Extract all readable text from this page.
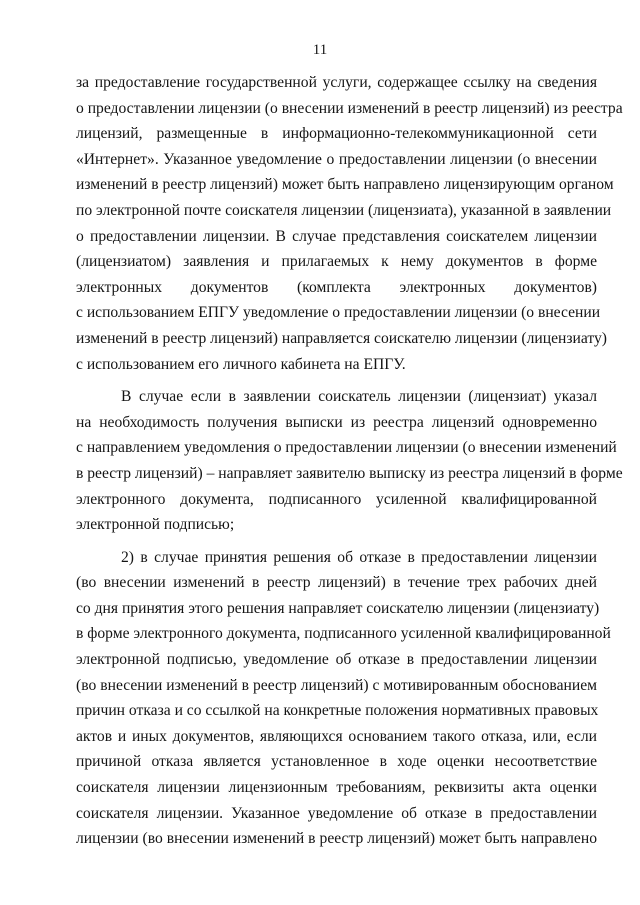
11
за предоставление государственной услуги, содержащее ссылку на сведения
о предоставлении лицензии (о внесении изменений в реестр лицензий) из реестра
лицензий, размещенные в информационно-телекоммуникационной сети
«Интернет». Указанное уведомление о предоставлении лицензии (о внесении
изменений в реестр лицензий) может быть направлено лицензирующим органом
по электронной почте соискателя лицензии (лицензиата), указанной в заявлении
о предоставлении лицензии. В случае представления соискателем лицензии
(лицензиатом) заявления и прилагаемых к нему документов в форме
электронных документов (комплекта электронных документов)
с использованием ЕПГУ уведомление о предоставлении лицензии (о внесении
изменений в реестр лицензий) направляется соискателю лицензии (лицензиату)
с использованием его личного кабинета на ЕПГУ.
В случае если в заявлении соискатель лицензии (лицензиат) указал
на необходимость получения выписки из реестра лицензий одновременно
с направлением уведомления о предоставлении лицензии (о внесении изменений
в реестр лицензий) – направляет заявителю выписку из реестра лицензий в форме
электронного документа, подписанного усиленной квалифицированной
электронной подписью;
2) в случае принятия решения об отказе в предоставлении лицензии
(во внесении изменений в реестр лицензий) в течение трех рабочих дней
со дня принятия этого решения направляет соискателю лицензии (лицензиату)
в форме электронного документа, подписанного усиленной квалифицированной
электронной подписью, уведомление об отказе в предоставлении лицензии
(во внесении изменений в реестр лицензий) с мотивированным обоснованием
причин отказа и со ссылкой на конкретные положения нормативных правовых
актов и иных документов, являющихся основанием такого отказа, или, если
причиной отказа является установленное в ходе оценки несоответствие
соискателя лицензии лицензионным требованиям, реквизиты акта оценки
соискателя лицензии. Указанное уведомление об отказе в предоставлении
лицензии (во внесении изменений в реестр лицензий) может быть направлено
